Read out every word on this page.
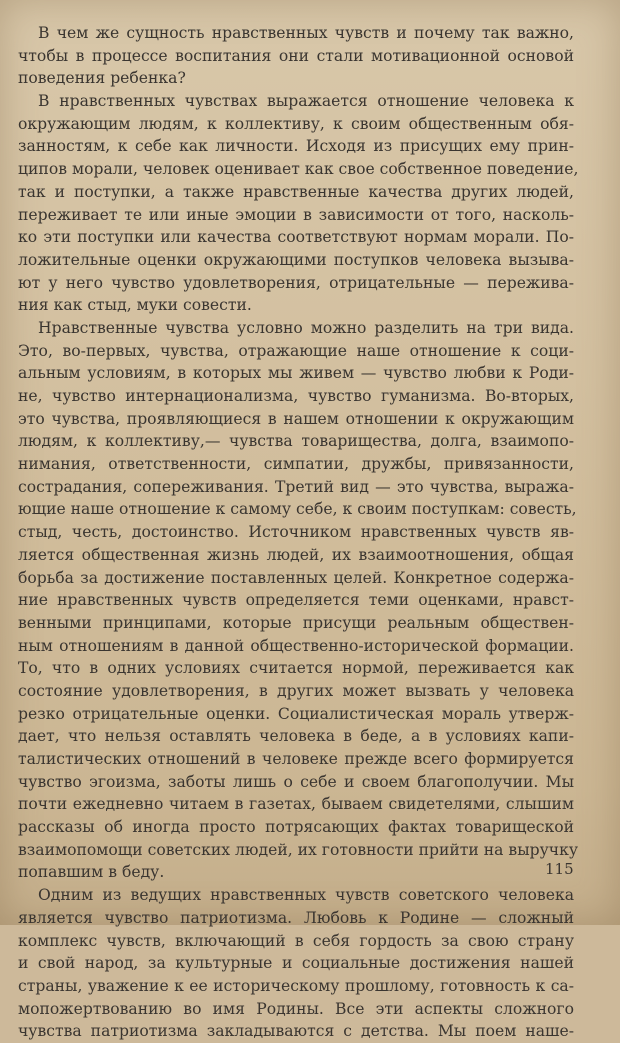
В чем же сущность нравственных чувств и почему так важно,
чтобы в процессе воспитания они стали мотивационной основой
поведения ребенка?
В нравственных чувствах выражается отношение человека к
окружающим людям, к коллективу, к своим общественным обя-
занностям, к себе как личности. Исходя из присущих ему прин-
ципов морали, человек оценивает как свое собственное поведение,
так и поступки, а также нравственные качества других людей,
переживает те или иные эмоции в зависимости от того, насколь-
ко эти поступки или качества соответствуют нормам морали. По-
ложительные оценки окружающими поступков человека вызыва-
ют у него чувство удовлетворения, отрицательные — пережива-
ния как стыд, муки совести.
Нравственные чувства условно можно разделить на три вида.
Это, во-первых, чувства, отражающие наше отношение к соци-
альным условиям, в которых мы живем — чувство любви к Роди-
не, чувство интернационализма, чувство гуманизма. Во-вторых,
это чувства, проявляющиеся в нашем отношении к окружающим
людям, к коллективу,— чувства товарищества, долга, взаимопо-
нимания, ответственности, симпатии, дружбы, привязанности,
сострадания, сопереживания. Третий вид — это чувства, выража-
ющие наше отношение к самому себе, к своим поступкам: совесть,
стыд, честь, достоинство. Источником нравственных чувств яв-
ляется общественная жизнь людей, их взаимоотношения, общая
борьба за достижение поставленных целей. Конкретное содержа-
ние нравственных чувств определяется теми оценками, нравст-
венными принципами, которые присущи реальным обществен-
ным отношениям в данной общественно-исторической формации.
То, что в одних условиях считается нормой, переживается как
состояние удовлетворения, в других может вызвать у человека
резко отрицательные оценки. Социалистическая мораль утверж-
дает, что нельзя оставлять человека в беде, а в условиях капи-
талистических отношений в человеке прежде всего формируется
чувство эгоизма, заботы лишь о себе и своем благополучии. Мы
почти ежедневно читаем в газетах, бываем свидетелями, слышим
рассказы об иногда просто потрясающих фактах товарищеской
взаимопомощи советских людей, их готовности прийти на выручку
попавшим в беду.
Одним из ведущих нравственных чувств советского человека
является чувство патриотизма. Любовь к Родине — сложный
комплекс чувств, включающий в себя гордость за свою страну
и свой народ, за культурные и социальные достижения нашей
страны, уважение к ее историческому прошлому, готовность к са-
мопожертвованию во имя Родины. Все эти аспекты сложного
чувства патриотизма закладываются с детства. Мы поем наше-
115
